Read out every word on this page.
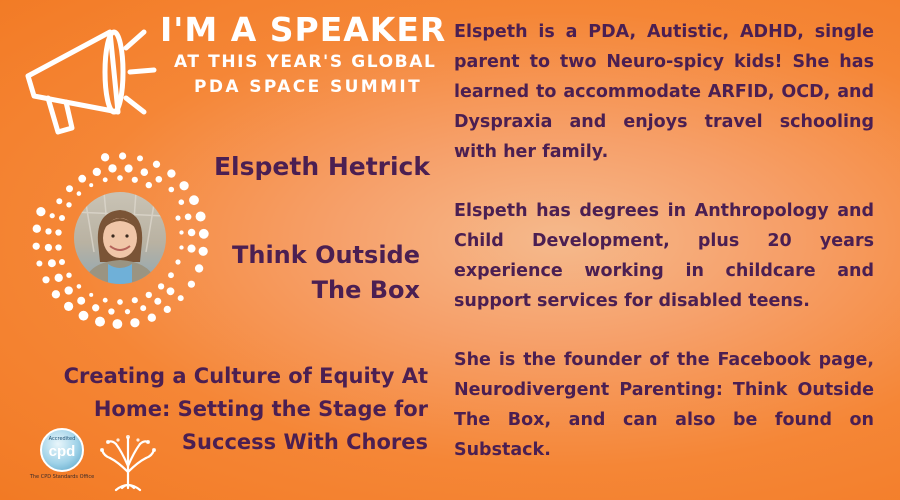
I'M A SPEAKER
AT THIS YEAR'S GLOBAL
PDA SPACE SUMMIT
Elspeth Hetrick
Think Outside
The Box
Creating a Culture of Equity At
Home: Setting the Stage for
Success With Chores

Elspeth is a PDA, Autistic, ADHD, single parent to two Neuro-spicy kids! She has learned to accommodate ARFID, OCD, and Dyspraxia and enjoys travel schooling with her family.

Elspeth has degrees in Anthropology and Child Development, plus 20 years experience working in childcare and support services for disabled teens.

She is the founder of the Facebook page, Neurodivergent Parenting: Think Outside The Box, and can also be found on Substack.

Accredited
cpd
The CPD Standards Office
